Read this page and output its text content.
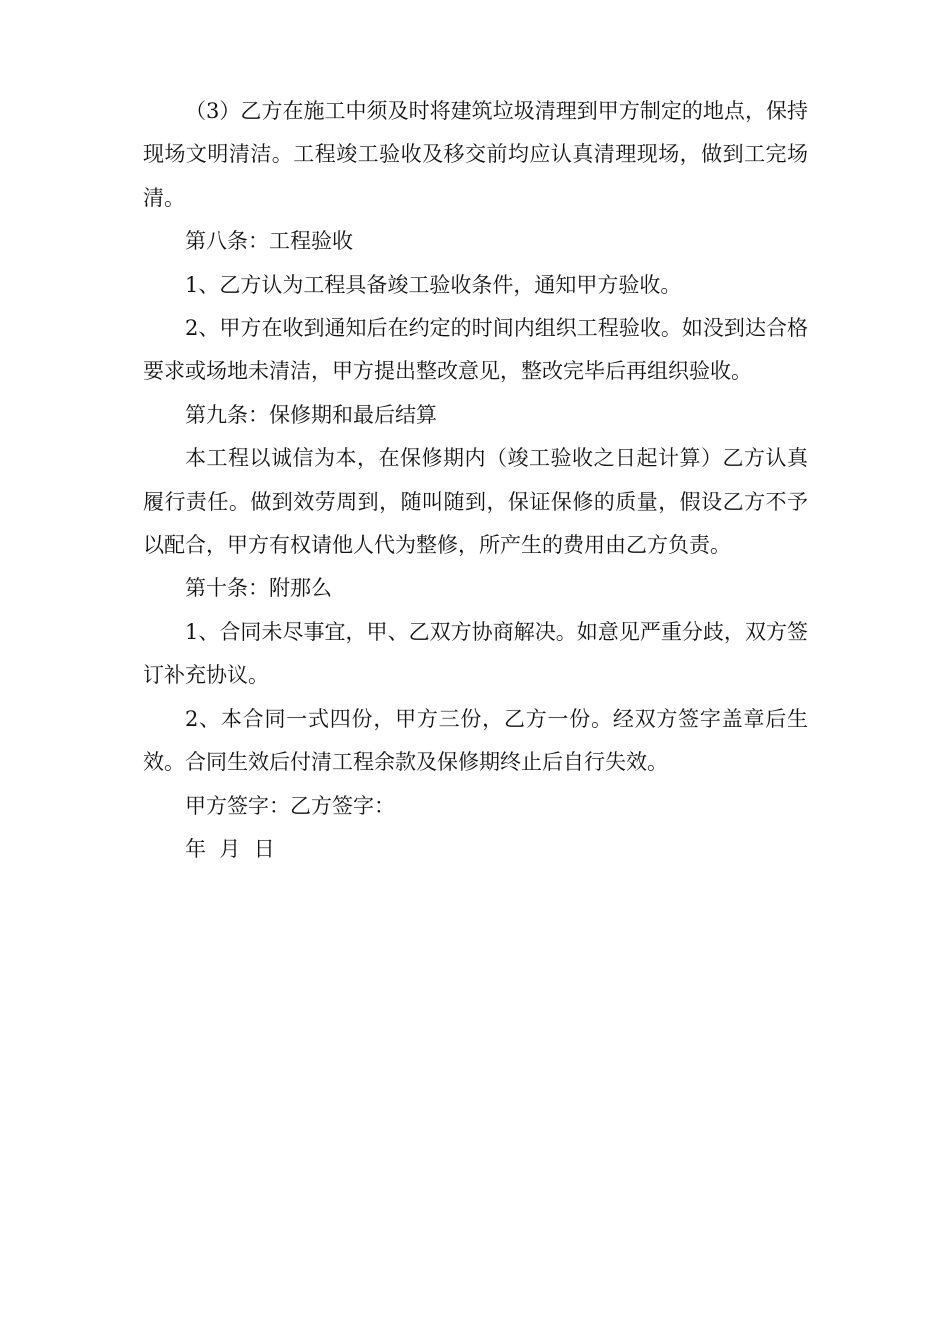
（3）乙方在施工中须及时将建筑垃圾清理到甲方制定的地点，保持现场文明清洁。工程竣工验收及移交前均应认真清理现场，做到工完场清。

第八条：工程验收

1、乙方认为工程具备竣工验收条件，通知甲方验收。

2、甲方在收到通知后在约定的时间内组织工程验收。如没到达合格要求或场地未清洁，甲方提出整改意见，整改完毕后再组织验收。

第九条：保修期和最后结算

本工程以诚信为本，在保修期内（竣工验收之日起计算）乙方认真履行责任。做到效劳周到，随叫随到，保证保修的质量，假设乙方不予以配合，甲方有权请他人代为整修，所产生的费用由乙方负责。

第十条：附那么

1、合同未尽事宜，甲、乙双方协商解决。如意见严重分歧，双方签订补充协议。

2、本合同一式四份，甲方三份，乙方一份。经双方签字盖章后生效。合同生效后付清工程余款及保修期终止后自行失效。

甲方签字：乙方签字：

年  月  日
